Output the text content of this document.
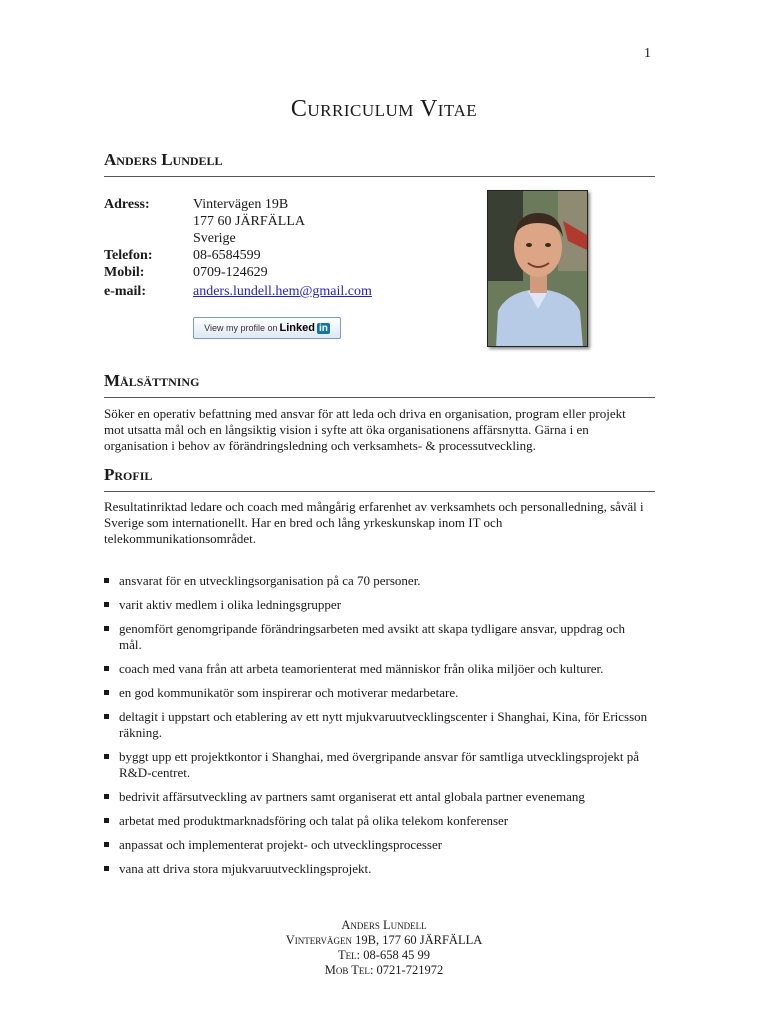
1
Curriculum Vitae
Anders Lundell
Adress:	Vintervägen 19B
177 60 JÄRFÄLLA
Sverige
Telefon:	08-6584599
Mobil:	0709-124629
e-mail:	anders.lundell.hem@gmail.com
View my profile on Linked in
Målsättning
Söker en operativ befattning med ansvar för att leda och driva en organisation, program eller projekt mot utsatta mål och en långsiktig vision i syfte att öka organisationens affärsnytta. Gärna i en organisation i behov av förändringsledning och verksamhets- & processutveckling.
Profil
Resultatinriktad ledare och coach med mångårig erfarenhet av verksamhets och personalledning, såväl i Sverige som internationellt. Har en bred och lång yrkeskunskap inom IT och telekommunikationsområdet.
ansvarat för en utvecklingsorganisation på ca 70 personer.
varit aktiv medlem i olika ledningsgrupper
genomfört genomgripande förändringsarbeten med avsikt att skapa tydligare ansvar, uppdrag och mål.
coach med vana från att arbeta teamorienterat med människor från olika miljöer och kulturer.
en god kommunikatör som inspirerar och motiverar medarbetare.
deltagit i uppstart och etablering av ett nytt mjukvaruutvecklingscenter i Shanghai, Kina, för Ericsson räkning.
byggt upp ett projektkontor i Shanghai, med övergripande ansvar för samtliga utvecklingsprojekt på R&D-centret.
bedrivit affärsutveckling av partners samt organiserat ett antal globala partner evenemang
arbetat med produktmarknadsföring och talat på olika telekom konferenser
anpassat och implementerat projekt- och utvecklingsprocesser
vana att driva stora mjukvaruutvecklingsprojekt.
Anders Lundell
Vintervägen 19B, 177 60 JÄRFÄLLA
Tel: 08-658 45 99
Mob Tel: 0721-721972
